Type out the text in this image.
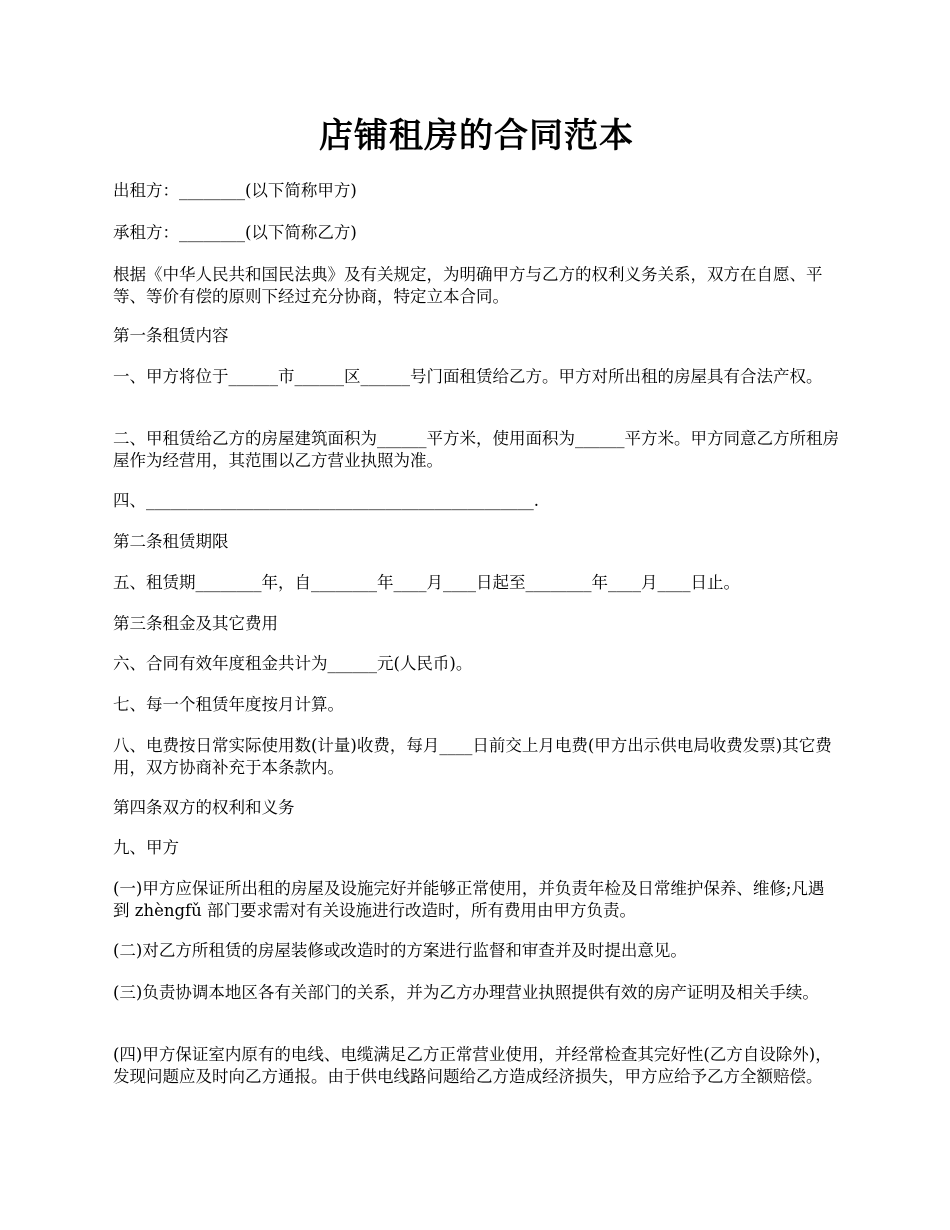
店铺租房的合同范本
出租方：________(以下简称甲方)
承租方：________(以下简称乙方)
根据《中华人民共和国民法典》及有关规定，为明确甲方与乙方的权利义务关系，双方在自愿、平等、等价有偿的原则下经过充分协商，特定立本合同。
第一条租赁内容
一、甲方将位于______市______区______号门面租赁给乙方。甲方对所出租的房屋具有合法产权。
二、甲租赁给乙方的房屋建筑面积为______平方米，使用面积为______平方米。甲方同意乙方所租房屋作为经营用，其范围以乙方营业执照为准。
四、_______________________________________________.
第二条租赁期限
五、租赁期________年，自________年____月____日起至________年____月____日止。
第三条租金及其它费用
六、合同有效年度租金共计为______元(人民币)。
七、每一个租赁年度按月计算。
八、电费按日常实际使用数(计量)收费，每月____日前交上月电费(甲方出示供电局收费发票)其它费用，双方协商补充于本条款内。
第四条双方的权利和义务
九、甲方
(一)甲方应保证所出租的房屋及设施完好并能够正常使用，并负责年检及日常维护保养、维修;凡遇到 zhèngfǔ 部门要求需对有关设施进行改造时，所有费用由甲方负责。
(二)对乙方所租赁的房屋装修或改造时的方案进行监督和审查并及时提出意见。
(三)负责协调本地区各有关部门的关系，并为乙方办理营业执照提供有效的房产证明及相关手续。
(四)甲方保证室内原有的电线、电缆满足乙方正常营业使用，并经常检查其完好性(乙方自设除外)，发现问题应及时向乙方通报。由于供电线路问题给乙方造成经济损失，甲方应给予乙方全额赔偿。
